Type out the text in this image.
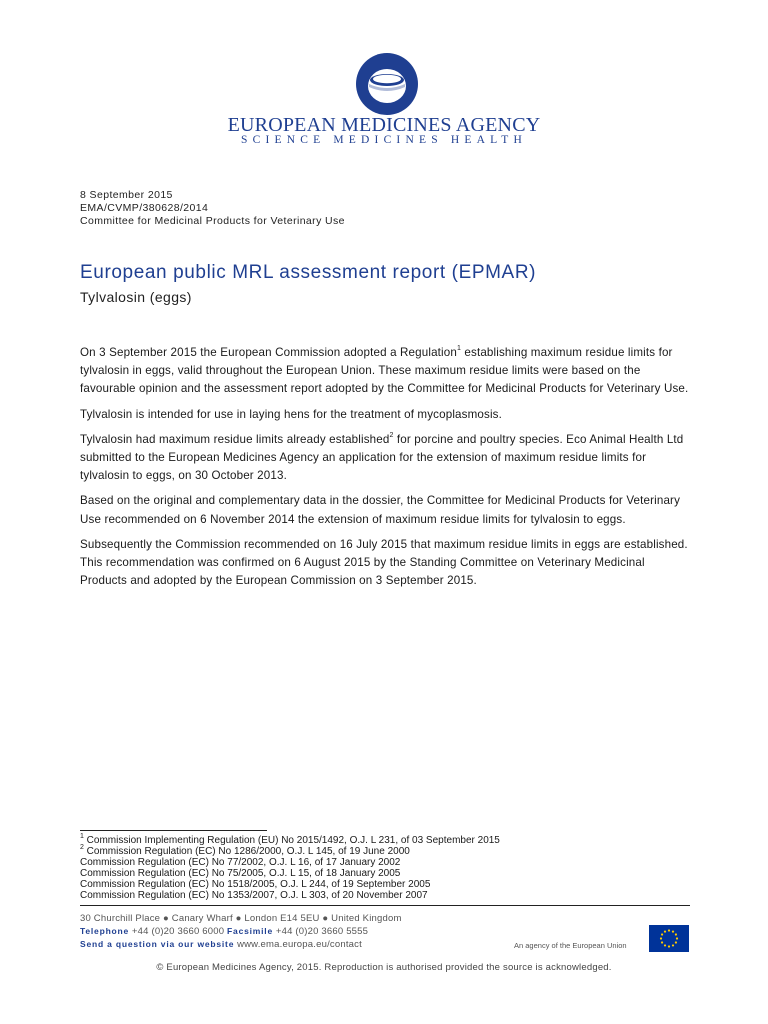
EUROPEAN MEDICINES AGENCY
SCIENCE MEDICINES HEALTH
8 September 2015
EMA/CVMP/380628/2014
Committee for Medicinal Products for Veterinary Use
European public MRL assessment report (EPMAR)
Tylvalosin (eggs)

On 3 September 2015 the European Commission adopted a Regulation$^1$ establishing maximum residue limits for tylvalosin in eggs, valid throughout the European Union. These maximum residue limits were based on the favourable opinion and the assessment report adopted by the Committee for Medicinal Products for Veterinary Use.

Tylvalosin is intended for use in laying hens for the treatment of mycoplasmosis.

Tylvalosin had maximum residue limits already established$^2$ for porcine and poultry species. Eco Animal Health Ltd submitted to the European Medicines Agency an application for the extension of maximum residue limits for tylvalosin to eggs, on 30 October 2013.

Based on the original and complementary data in the dossier, the Committee for Medicinal Products for Veterinary Use recommended on 6 November 2014 the extension of maximum residue limits for tylvalosin to eggs.

Subsequently the Commission recommended on 16 July 2015 that maximum residue limits in eggs are established. This recommendation was confirmed on 6 August 2015 by the Standing Committee on Veterinary Medicinal Products and adopted by the European Commission on 3 September 2015.

$^1$ Commission Implementing Regulation (EU) No 2015/1492, O.J. L 231, of 03 September 2015
$^2$ Commission Regulation (EC) No 1286/2000, O.J. L 145, of 19 June 2000
Commission Regulation (EC) No 77/2002, O.J. L 16, of 17 January 2002
Commission Regulation (EC) No 75/2005, O.J. L 15, of 18 January 2005
Commission Regulation (EC) No 1518/2005, O.J. L 244, of 19 September 2005
Commission Regulation (EC) No 1353/2007, O.J. L 303, of 20 November 2007
30 Churchill Place ● Canary Wharf ● London E14 5EU ● United Kingdom
Telephone +44 (0)20 3660 6000 Facsimile +44 (0)20 3660 5555
Send a question via our website www.ema.europa.eu/contact	An agency of the European Union
© European Medicines Agency, 2015. Reproduction is authorised provided the source is acknowledged.
